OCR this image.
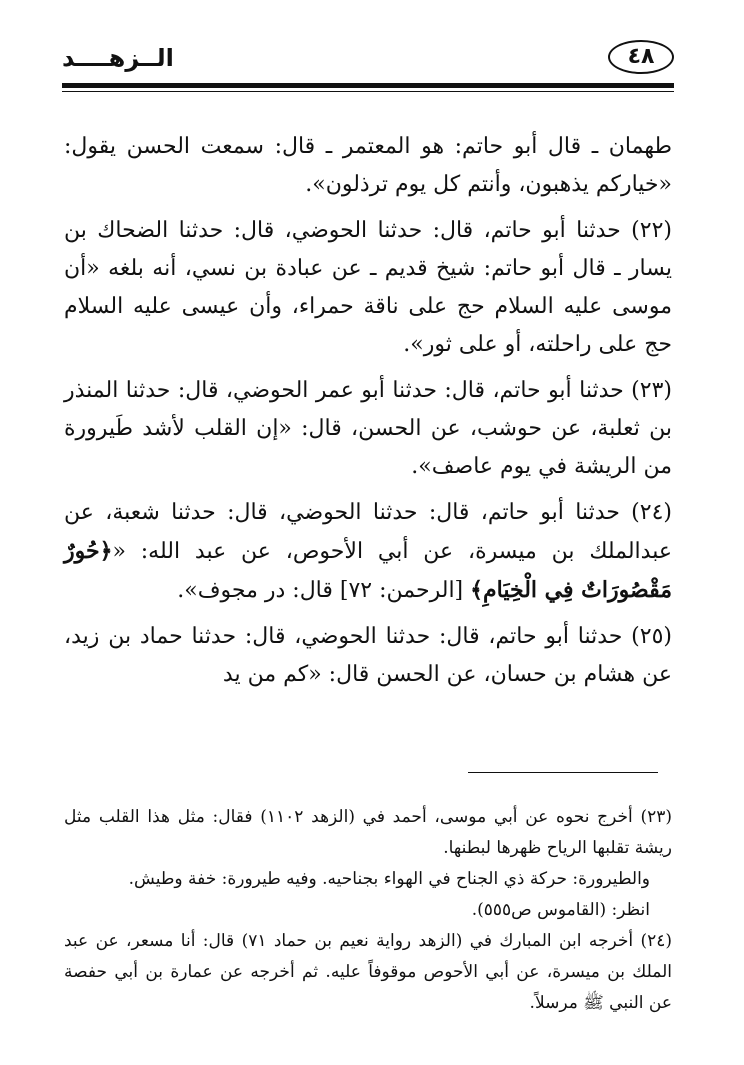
الــزهــــد	٤٨

طهمان ـ قال أبو حاتم: هو المعتمر ـ قال: سمعت الحسن يقول: «خياركم يذهبون، وأنتم كل يوم ترذلون».

(٢٢) حدثنا أبو حاتم، قال: حدثنا الحوضي، قال: حدثنا الضحاك بن يسار ـ قال أبو حاتم: شيخ قديم ـ عن عبادة بن نسي، أنه بلغه «أن موسى عليه السلام حج على ناقة حمراء، وأن عيسى عليه السلام حج على راحلته، أو على ثور».

(٢٣) حدثنا أبو حاتم، قال: حدثنا أبو عمر الحوضي، قال: حدثنا المنذر بن ثعلبة، عن حوشب، عن الحسن، قال: «إن القلب لأشد طَيرورة من الريشة في يوم عاصف».

(٢٤) حدثنا أبو حاتم، قال: حدثنا الحوضي، قال: حدثنا شعبة، عن عبدالملك بن ميسرة، عن أبي الأحوص، عن عبد الله: «﴿حُورٌ مَقْصُورَاتٌ فِي الْخِيَامِ﴾ [الرحمن: ٧٢] قال: در مجوف».

(٢٥) حدثنا أبو حاتم، قال: حدثنا الحوضي، قال: حدثنا حماد بن زيد، عن هشام بن حسان، عن الحسن قال: «كم من يد

(٢٣) أخرج نحوه عن أبي موسى، أحمد في (الزهد ١١٠٢) فقال: مثل هذا القلب مثل ريشة تقلبها الرياح ظهرها لبطنها.

والطيرورة: حركة ذي الجناح في الهواء بجناحيه. وفيه طيرورة: خفة وطيش.

انظر: (القاموس ص٥٥٥).

(٢٤) أخرجه ابن المبارك في (الزهد رواية نعيم بن حماد ٧١) قال: أنا مسعر، عن عبد الملك بن ميسرة، عن أبي الأحوص موقوفاً عليه. ثم أخرجه عن عمارة بن أبي حفصة عن النبي ﷺ مرسلاً.
